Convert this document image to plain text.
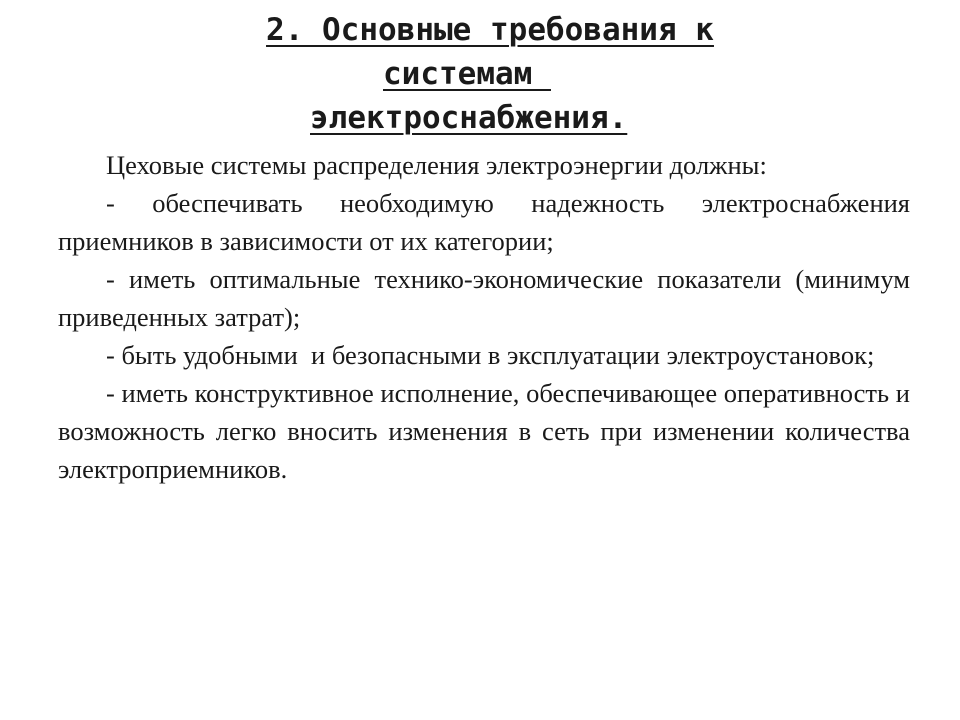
2. Основные требования к
системам
электроснабжения.

Цеховые системы распределения электроэнергии должны:

- обеспечивать необходимую надежность электроснабжения приемников в зависимости от их категории;

- иметь оптимальные технико-экономические показатели (минимум приведенных затрат);

- быть удобными  и безопасными в эксплуатации электроустановок;

- иметь конструктивное исполнение, обеспечивающее оперативность и возможность легко вносить изменения в сеть при изменении количества электроприемников.
